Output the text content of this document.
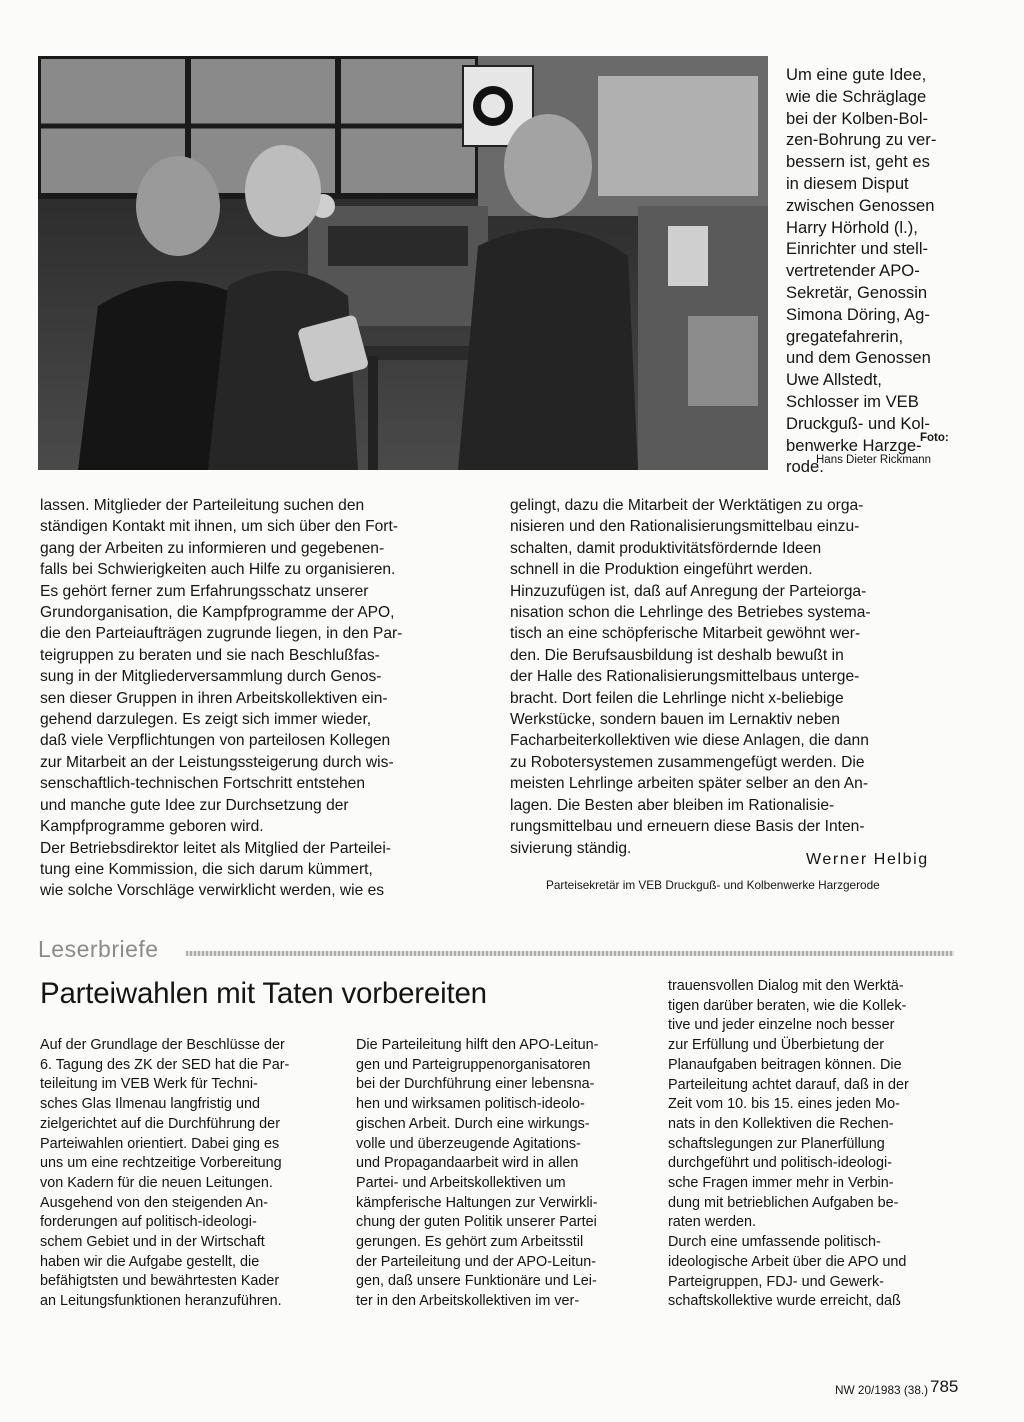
Um eine gute Idee,
wie die Schräglage
bei der Kolben-Bol-
zen-Bohrung zu ver-
bessern ist, geht es
in diesem Disput
zwischen Genossen
Harry Hörhold (l.),
Einrichter und stell-
vertretender APO-
Sekretär, Genossin
Simona Döring, Ag-
gregatefahrerin,
und dem Genossen
Uwe Allstedt,
Schlosser im VEB
Druckguß- und Kol-
benwerke Harzge-
rode.
Foto:
Hans Dieter Rickmann
lassen. Mitglieder der Parteileitung suchen den
ständigen Kontakt mit ihnen, um sich über den Fort-
gang der Arbeiten zu informieren und gegebenen-
falls bei Schwierigkeiten auch Hilfe zu organisieren.
Es gehört ferner zum Erfahrungsschatz unserer
Grundorganisation, die Kampfprogramme der APO,
die den Parteiaufträgen zugrunde liegen, in den Par-
teigruppen zu beraten und sie nach Beschlußfas-
sung in der Mitgliederversammlung durch Genos-
sen dieser Gruppen in ihren Arbeitskollektiven ein-
gehend darzulegen. Es zeigt sich immer wieder,
daß viele Verpflichtungen von parteilosen Kollegen
zur Mitarbeit an der Leistungssteigerung durch wis-
senschaftlich-technischen Fortschritt entstehen
und manche gute Idee zur Durchsetzung der
Kampfprogramme geboren wird.
Der Betriebsdirektor leitet als Mitglied der Parteilei-
tung eine Kommission, die sich darum kümmert,
wie solche Vorschläge verwirklicht werden, wie es
gelingt, dazu die Mitarbeit der Werktätigen zu orga-
nisieren und den Rationalisierungsmittelbau einzu-
schalten, damit produktivitätsfördernde Ideen
schnell in die Produktion eingeführt werden.
Hinzuzufügen ist, daß auf Anregung der Parteiorga-
nisation schon die Lehrlinge des Betriebes systema-
tisch an eine schöpferische Mitarbeit gewöhnt wer-
den. Die Berufsausbildung ist deshalb bewußt in
der Halle des Rationalisierungsmittelbaus unterge-
bracht. Dort feilen die Lehrlinge nicht x-beliebige
Werkstücke, sondern bauen im Lernaktiv neben
Facharbeiterkollektiven wie diese Anlagen, die dann
zu Robotersystemen zusammengefügt werden. Die
meisten Lehrlinge arbeiten später selber an den An-
lagen. Die Besten aber bleiben im Rationalisie-
rungsmittelbau und erneuern diese Basis der Inten-
sivierung ständig.
Werner Helbig
Parteisekretär im VEB Druckguß- und Kolbenwerke Harzgerode
Leserbriefe
Parteiwahlen mit Taten vorbereiten
Auf der Grundlage der Beschlüsse der
6. Tagung des ZK der SED hat die Par-
teileitung im VEB Werk für Techni-
sches Glas Ilmenau langfristig und
zielgerichtet auf die Durchführung der
Parteiwahlen orientiert. Dabei ging es
uns um eine rechtzeitige Vorbereitung
von Kadern für die neuen Leitungen.
Ausgehend von den steigenden An-
forderungen auf politisch-ideologi-
schem Gebiet und in der Wirtschaft
haben wir die Aufgabe gestellt, die
befähigtsten und bewährtesten Kader
an Leitungsfunktionen heranzuführen.
Die Parteileitung hilft den APO-Leitun-
gen und Parteigruppenorganisatoren
bei der Durchführung einer lebensna-
hen und wirksamen politisch-ideolo-
gischen Arbeit. Durch eine wirkungs-
volle und überzeugende Agitations-
und Propagandaarbeit wird in allen
Partei- und Arbeitskollektiven um
kämpferische Haltungen zur Verwirkli-
chung der guten Politik unserer Partei
gerungen. Es gehört zum Arbeitsstil
der Parteileitung und der APO-Leitun-
gen, daß unsere Funktionäre und Lei-
ter in den Arbeitskollektiven im ver-
trauensvollen Dialog mit den Werktä-
tigen darüber beraten, wie die Kollek-
tive und jeder einzelne noch besser
zur Erfüllung und Überbietung der
Planaufgaben beitragen können. Die
Parteileitung achtet darauf, daß in der
Zeit vom 10. bis 15. eines jeden Mo-
nats in den Kollektiven die Rechen-
schaftslegungen zur Planerfüllung
durchgeführt und politisch-ideologi-
sche Fragen immer mehr in Verbin-
dung mit betrieblichen Aufgaben be-
raten werden.
Durch eine umfassende politisch-
ideologische Arbeit über die APO und
Parteigruppen, FDJ- und Gewerk-
schaftskollektive wurde erreicht, daß
NW 20/1983 (38.) 785
